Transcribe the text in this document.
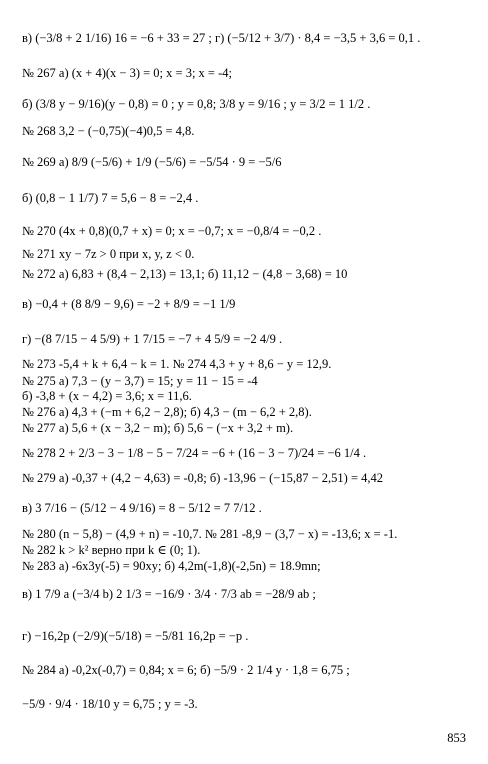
в) (−3/8 + 2 1/16) 16 = −6 + 33 = 27 ; г) (−5/12 + 3/7) · 8,4 = −3,5 + 3,6 = 0,1 .
№ 267 а) (x + 4)(x − 3) = 0; x = 3; x = -4;
б) (3/8 y − 9/16)(y − 0,8) = 0 ; y = 0,8; 3/8 y = 9/16 ; y = 3/2 = 1 1/2 .
№ 268 3,2 − (−0,75)(−4)0,5 = 4,8.
№ 269 а) 8/9 (−5/6) + 1/9 (−5/6) = −5/54 · 9 = −5/6
б) (0,8 − 1 1/7) 7 = 5,6 − 8 = −2,4 .
№ 270 (4x + 0,8)(0,7 + x) = 0; x = −0,7; x = −0,8/4 = −0,2 .
№ 271 xy − 7z > 0 при x, y, z < 0.
№ 272 а) 6,83 + (8,4 − 2,13) = 13,1; б) 11,12 − (4,8 − 3,68) = 10
в) −0,4 + (8 8/9 − 9,6) = −2 + 8/9 = −1 1/9
г) −(8 7/15 − 4 5/9) + 1 7/15 = −7 + 4 5/9 = −2 4/9 .
№ 273 -5,4 + k + 6,4 − k = 1. № 274 4,3 + y + 8,6 − y = 12,9.
№ 275 а) 7,3 − (y − 3,7) = 15; y = 11 − 15 = -4
б) -3,8 + (x − 4,2) = 3,6; x = 11,6.
№ 276 а) 4,3 + (−m + 6,2 − 2,8); б) 4,3 − (m − 6,2 + 2,8).
№ 277 а) 5,6 + (x − 3,2 − m); б) 5,6 − (−x + 3,2 + m).
№ 278 2 + 2/3 − 3 − 1/8 − 5 − 7/24 = −6 + (16 − 3 − 7)/24 = −6 1/4 .
№ 279 а) -0,37 + (4,2 − 4,63) = -0,8; б) -13,96 − (−15,87 − 2,51) = 4,42
в) 3 7/16 − (5/12 − 4 9/16) = 8 − 5/12 = 7 7/12 .
№ 280 (n − 5,8) − (4,9 + n) = -10,7. № 281 -8,9 − (3,7 − x) = -13,6; x = -1.
№ 282 k > k² верно при k ∈ (0; 1).
№ 283 а) -6x3y(-5) = 90xy; б) 4,2m(-1,8)(-2,5n) = 18.9mn;
в) 1 7/9 a (−3/4 b) 2 1/3 = −16/9 · 3/4 · 7/3 ab = −28/9 ab ;
г) −16,2p (−2/9)(−5/18) = −5/81 16,2p = −p .
№ 284 а) -0,2x(-0,7) = 0,84; x = 6; б) −5/9 · 2 1/4 y · 1,8 = 6,75 ;
−5/9 · 9/4 · 18/10 y = 6,75 ; y = -3.
853
